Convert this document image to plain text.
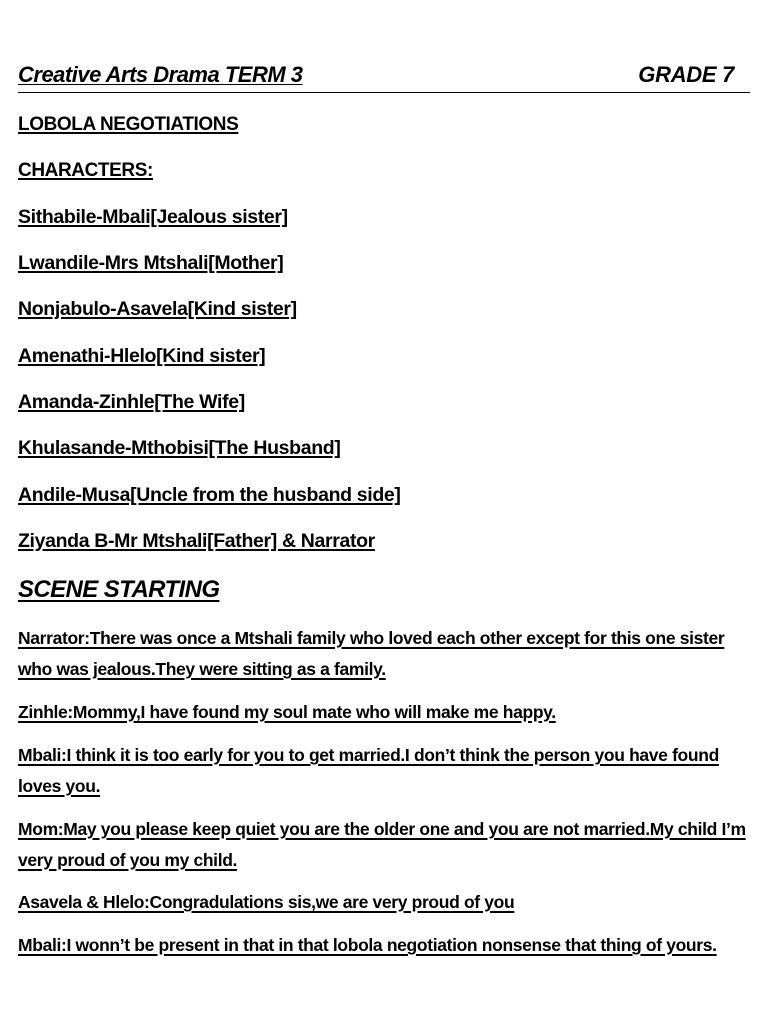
Creative Arts Drama TERM 3	GRADE 7
LOBOLA NEGOTIATIONS
CHARACTERS:
Sithabile-Mbali[Jealous sister]
Lwandile-Mrs Mtshali[Mother]
Nonjabulo-Asavela[Kind sister]
Amenathi-Hlelo[Kind sister]
Amanda-Zinhle[The Wife]
Khulasande-Mthobisi[The Husband]
Andile-Musa[Uncle from the husband side]
Ziyanda B-Mr Mtshali[Father] & Narrator
SCENE STARTING
Narrator:There was once a Mtshali family who loved each other except for this one sister who was jealous.They were sitting as a family.
Zinhle:Mommy,I have found my soul mate who will make me happy.
Mbali:I think it is too early for you to get married.I don’t think the person you have found loves you.
Mom:May you please keep quiet you are the older one and you are not married.My child I’m very proud of you my child.
Asavela & Hlelo:Congradulations sis,we are very proud of you
Mbali:I wonn’t be present in that in that lobola negotiation nonsense that thing of yours.
